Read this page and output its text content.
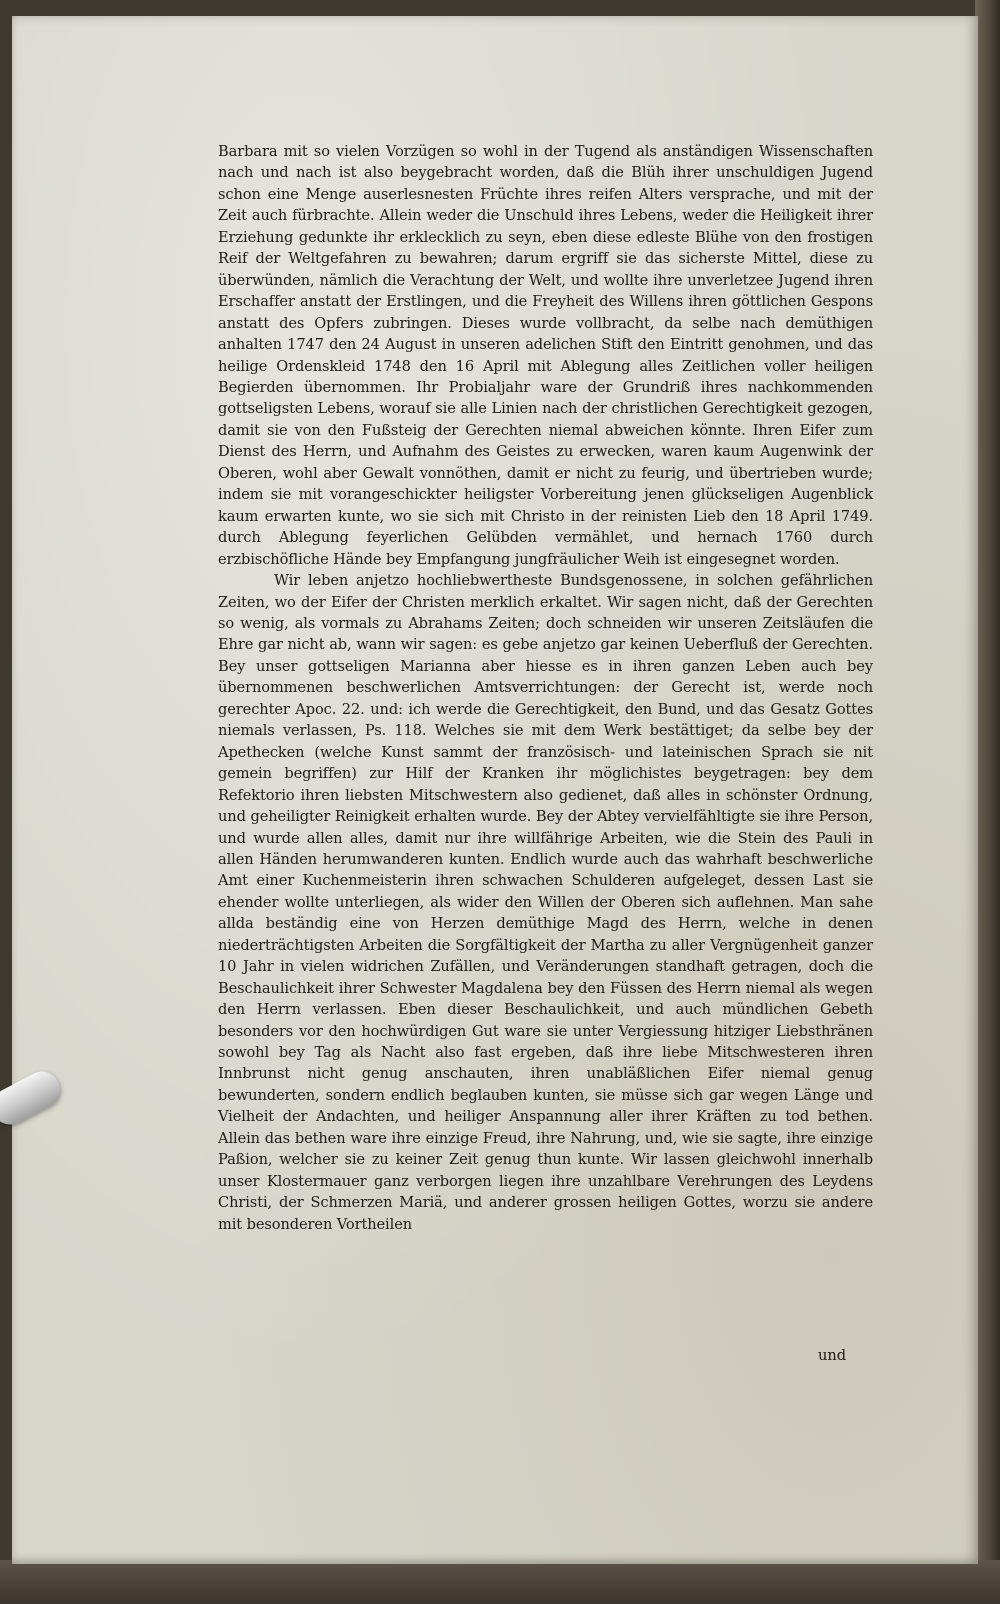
Barbara mit so vielen Vorzügen so wohl in der Tugend als anständigen Wissenschaften nach und nach ist also beygebracht worden, daß die Blüh ihrer unschuldigen Jugend schon eine Menge auserlesnesten Früchte ihres reifen Alters versprache, und mit der Zeit auch fürbrachte. Allein weder die Unschuld ihres Lebens, weder die Heiligkeit ihrer Erziehung gedunkte ihr erklecklich zu seyn, eben diese edleste Blühe von den frostigen Reif der Weltgefahren zu bewahren; darum ergriff sie das sicherste Mittel, diese zu überwünden, nämlich die Verachtung der Welt, und wollte ihre unverletzee Jugend ihren Erschaffer anstatt der Erstlingen, und die Freyheit des Willens ihren göttlichen Gespons anstatt des Opfers zubringen. Dieses wurde vollbracht, da selbe nach demüthigen anhalten 1747 den 24 August in unseren adelichen Stift den Eintritt genohmen, und das heilige Ordenskleid 1748 den 16 April mit Ablegung alles Zeitlichen voller heiligen Begierden übernommen. Ihr Probialjahr ware der Grundriß ihres nachkommenden gottseligsten Lebens, worauf sie alle Linien nach der christlichen Gerechtigkeit gezogen, damit sie von den Fußsteig der Gerechten niemal abweichen könnte. Ihren Eifer zum Dienst des Herrn, und Aufnahm des Geistes zu erwecken, waren kaum Augenwink der Oberen, wohl aber Gewalt vonnöthen, damit er nicht zu feurig, und übertrieben wurde; indem sie mit vorangeschickter heiligster Vorbereitung jenen glückseligen Augenblick kaum erwarten kunte, wo sie sich mit Christo in der reinisten Lieb den 18 April 1749. durch Ablegung feyerlichen Gelübden vermählet, und hernach 1760 durch erzbischöfliche Hände bey Empfangung jungfräulicher Weih ist eingesegnet worden.

Wir leben anjetzo hochliebwertheste Bundsgenossene, in solchen gefährlichen Zeiten, wo der Eifer der Christen merklich erkaltet. Wir sagen nicht, daß der Gerechten so wenig, als vormals zu Abrahams Zeiten; doch schneiden wir unseren Zeitsläufen die Ehre gar nicht ab, wann wir sagen: es gebe anjetzo gar keinen Ueberfluß der Gerechten. Bey unser gottseligen Marianna aber hiesse es in ihren ganzen Leben auch bey übernommenen beschwerlichen Amtsverrichtungen: der Gerecht ist, werde noch gerechter Apoc. 22. und: ich werde die Gerechtigkeit, den Bund, und das Gesatz Gottes niemals verlassen, Ps. 118. Welches sie mit dem Werk bestättiget; da selbe bey der Apethecken (welche Kunst sammt der französisch- und lateinischen Sprach sie nit gemein begriffen) zur Hilf der Kranken ihr möglichistes beygetragen: bey dem Refektorio ihren liebsten Mitschwestern also gedienet, daß alles in schönster Ordnung, und geheiligter Reinigkeit erhalten wurde. Bey der Abtey vervielfähltigte sie ihre Person, und wurde allen alles, damit nur ihre willfährige Arbeiten, wie die Stein des Pauli in allen Händen herumwanderen kunten. Endlich wurde auch das wahrhaft beschwerliche Amt einer Kuchenmeisterin ihren schwachen Schulderen aufgeleget, dessen Last sie ehender wollte unterliegen, als wider den Willen der Oberen sich auflehnen. Man sahe allda beständig eine von Herzen demüthige Magd des Herrn, welche in denen niederträchtigsten Arbeiten die Sorgfältigkeit der Martha zu aller Vergnügenheit ganzer 10 Jahr in vielen widrichen Zufällen, und Veränderungen standhaft getragen, doch die Beschaulichkeit ihrer Schwester Magdalena bey den Füssen des Herrn niemal als wegen den Herrn verlassen. Eben dieser Beschaulichkeit, und auch mündlichen Gebeth besonders vor den hochwürdigen Gut ware sie unter Vergiessung hitziger Liebsthränen sowohl bey Tag als Nacht also fast ergeben, daß ihre liebe Mitschwesteren ihren Innbrunst nicht genug anschauten, ihren unabläßlichen Eifer niemal genug bewunderten, sondern endlich beglauben kunten, sie müsse sich gar wegen Länge und Vielheit der Andachten, und heiliger Anspannung aller ihrer Kräften zu tod bethen. Allein das bethen ware ihre einzige Freud, ihre Nahrung, und, wie sie sagte, ihre einzige Paßion, welcher sie zu keiner Zeit genug thun kunte. Wir lassen gleichwohl innerhalb unser Klostermauer ganz verborgen liegen ihre unzahlbare Verehrungen des Leydens Christi, der Schmerzen Mariä, und anderer grossen heiligen Gottes, worzu sie andere mit besonderen Vortheilen

und
